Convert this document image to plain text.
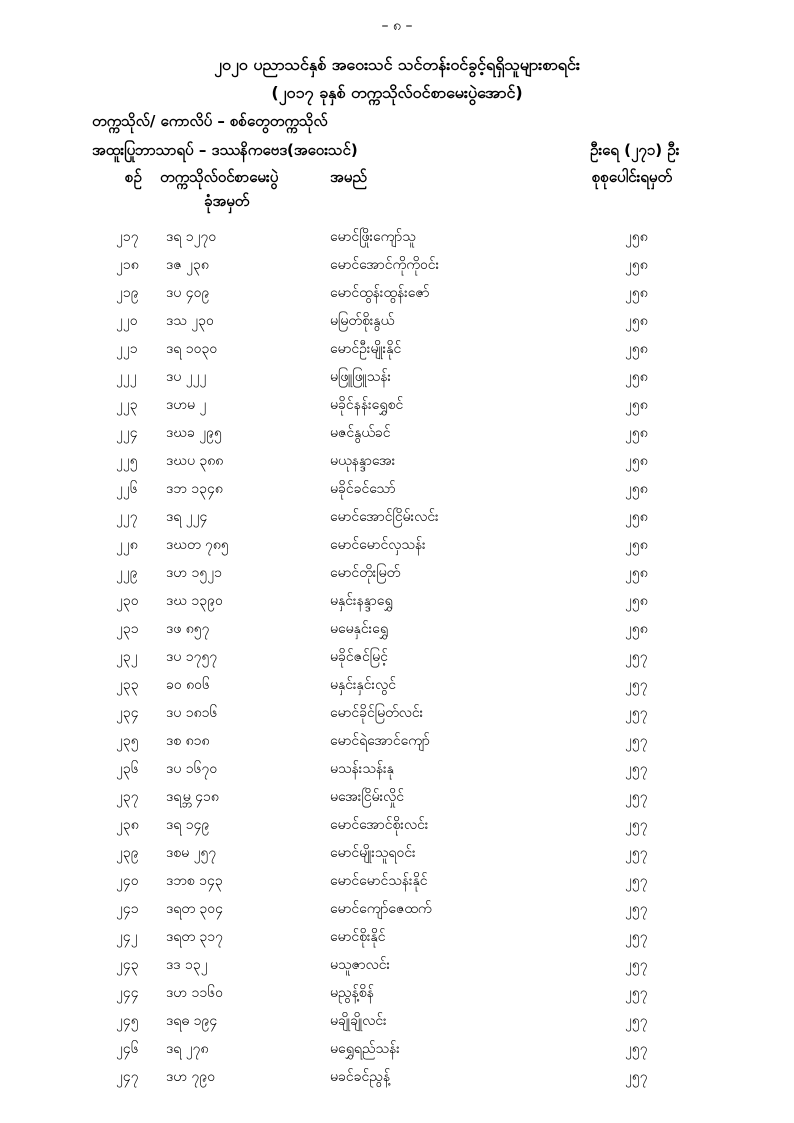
– ၈ –
၂၀၂၀ ပညာသင်နှစ် အဝေးသင် သင်တန်းဝင်ခွင့်ရရှိသူများစာရင်း
(၂၀၁၇ ခုနှစ် တက္ကသိုလ်ဝင်စာမေးပွဲအောင်)
တက္ကသိုလ်/ ကောလိပ် – စစ်တွေတက္ကသိုလ်
အထူးပြုဘာသာရပ် – ဒဿနိကဗေဒ(အဝေးသင်)	ဦးရေ (၂၇၁) ဦး
စဉ် တက္ကသိုလ်ဝင်စာမေးပွဲ
ခုံအမှတ်
အမည်	စုစုပေါင်းရမှတ်
၂၁၇ ဒရ ၁၂၇၀	မောင်ဖြိုးကျော်သူ	၂၅၈
၂၁၈ ဒဇ ၂၃၈	မောင်အောင်ကိုကိုဝင်း	၂၅၈
၂၁၉ ဒပ ၄၀၉	မောင်ထွန်းထွန်းဇော်	၂၅၈
၂၂၀ ဒသ ၂၃၀	မမြတ်စိုးနွယ်	၂၅၈
၂၂၁ ဒရ ၁၀၃၀	မောင်ဦးမျိုးနိုင်	၂၅၈
၂၂၂ ဒပ ၂၂၂	မဖြူဖြူသန်း	၂၅၈
၂၂၃ ဒဟမ ၂	မခိုင်နန်းရွှေစင်	၂၅၈
၂၂၄ ဒဃခ ၂၉၅	မဇင်နွယ်ခင်	၂၅၈
၂၂၅ ဒဃပ ၃၈၈	မယုနန္ဒာအေး	၂၅၈
၂၂၆ ဒဘ ၁၃၄၈	မခိုင်ခင်သော်	၂၅၈
၂၂၇ ဒရ ၂၂၄	မောင်အောင်ငြိမ်းလင်း	၂၅၈
၂၂၈ ဒဃတ ၇၈၅	မောင်မောင်လှသန်း	၂၅၈
၂၂၉ ဒဟ ၁၅၂၁	မောင်တိုးမြတ်	၂၅၈
၂၃၀ ဒဃ ၁၃၉၀	မနှင်းနန္ဒာရွှေ	၂၅၈
၂၃၁ ဒဖ ၈၅၇	မမေနှင်းရွှေ	၂၅၈
၂၃၂ ဒပ ၁၇၅၇	မခိုင်ဇင်မြင့်	၂၅၇
၂၃၃ ခဝ ၈၀၆	မနှင်းနှင်းလွင်	၂၅၇
၂၃၄ ဒပ ၁၈၁၆	မောင်ခိုင်မြတ်လင်း	၂၅၇
၂၃၅ ဒစ ၈၁၈	မောင်ရဲအောင်ကျော်	၂၅၇
၂၃၆ ဒပ ၁၆၇၀	မသန်းသန်းနု	၂၅၇
၂၃၇ ဒရမ္ဘ ၄၁၈	မအေးငြိမ်းလှိုင်	၂၅၇
၂၃၈ ဒရ ၁၄၉	မောင်အောင်စိုးလင်း	၂၅၇
၂၃၉ ဒစမ ၂၅၇	မောင်မျိုးသူရဝင်း	၂၅၇
၂၄၀ ဒဘစ ၁၄၃	မောင်မောင်သန်းနိုင်	၂၅၇
၂၄၁ ဒရတ ၃၀၄	မောင်ကျော်ဇေထက်	၂၅၇
၂၄၂ ဒရတ ၃၁၇	မောင်စိုးနိုင်	၂၅၇
၂၄၃ ဒဒ ၁၃၂	မသူဇာလင်း	၂၅၇
၂၄၄ ဒဟ ၁၁၆၀	မညွန့်စိန်	၂၅၇
၂၄၅ ဒရဓ ၁၉၄	မချိုချိုလင်း	၂၅၇
၂၄၆ ဒရ ၂၇၈	မရွှေရည်သန်း	၂၅၇
၂၄၇ ဒဟ ၇၉၀	မခင်ခင်ညွန့်	၂၅၇
